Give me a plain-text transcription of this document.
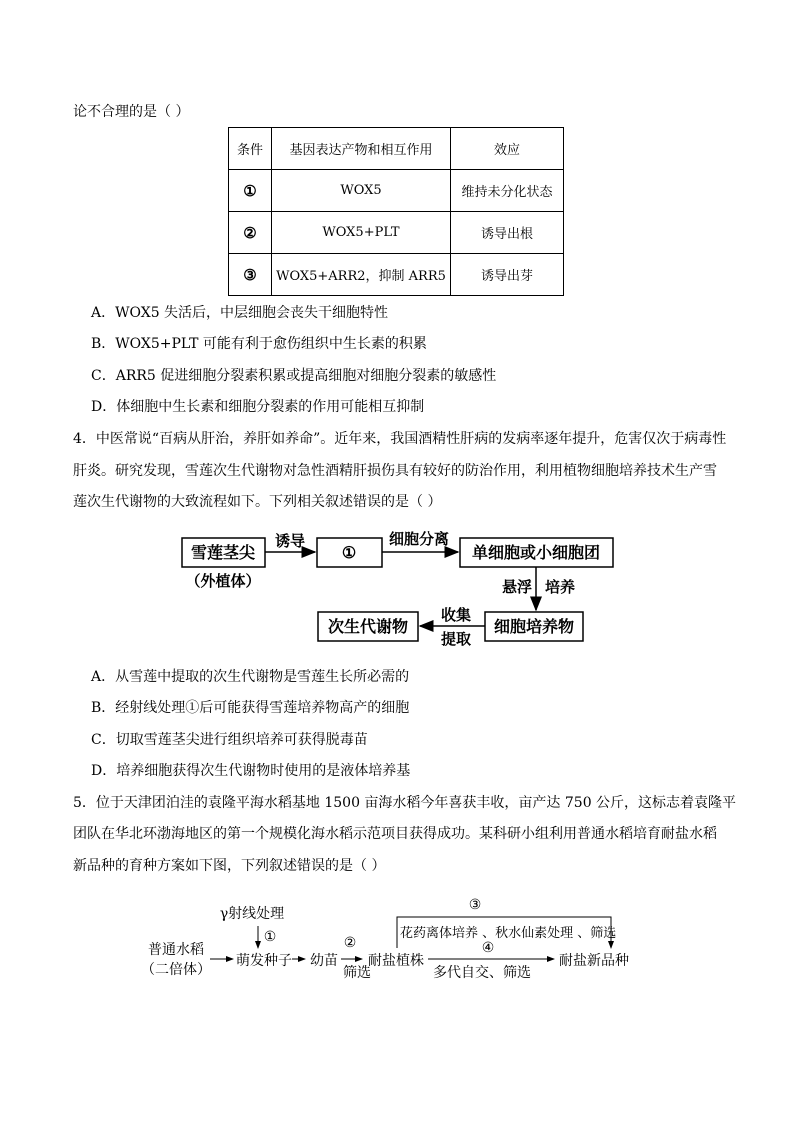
论不合理的是（ ）
条件	基因表达产物和相互作用	效应
①	WOX5	维持未分化状态
②	WOX5+PLT	诱导出根
③	WOX5+ARR2，抑制 ARR5	诱导出芽
A．WOX5 失活后，中层细胞会丧失干细胞特性
B．WOX5+PLT 可能有利于愈伤组织中生长素的积累
C．ARR5 促进细胞分裂素积累或提高细胞对细胞分裂素的敏感性
D．体细胞中生长素和细胞分裂素的作用可能相互抑制
4．中医常说“百病从肝治，养肝如养命”。近年来，我国酒精性肝病的发病率逐年提升，危害仅次于病毒性
肝炎。研究发现，雪莲次生代谢物对急性酒精肝损伤具有较好的防治作用，利用植物细胞培养技术生产雪
莲次生代谢物的大致流程如下。下列相关叙述错误的是（ ）
雪莲茎尖
（外植体）
诱导
①
细胞分离
单细胞或小细胞团
悬浮 培养
细胞培养物
收集
提取
次生代谢物
A．从雪莲中提取的次生代谢物是雪莲生长所必需的
B．经射线处理①后可能获得雪莲培养物高产的细胞
C．切取雪莲茎尖进行组织培养可获得脱毒苗
D．培养细胞获得次生代谢物时使用的是液体培养基
5．位于天津团泊洼的袁隆平海水稻基地 1500 亩海水稻今年喜获丰收，亩产达 750 公斤，这标志着袁隆平
团队在华北环渤海地区的第一个规模化海水稻示范项目获得成功。某科研小组利用普通水稻培育耐盐水稻
新品种的育种方案如下图，下列叙述错误的是（ ）
普通水稻
（二倍体）
γ射线处理
①
萌发种子 幼苗
②
筛选
耐盐植株
③
花药离体培养 、秋水仙素处理 、筛选
④
多代自交、筛选
耐盐新品种
